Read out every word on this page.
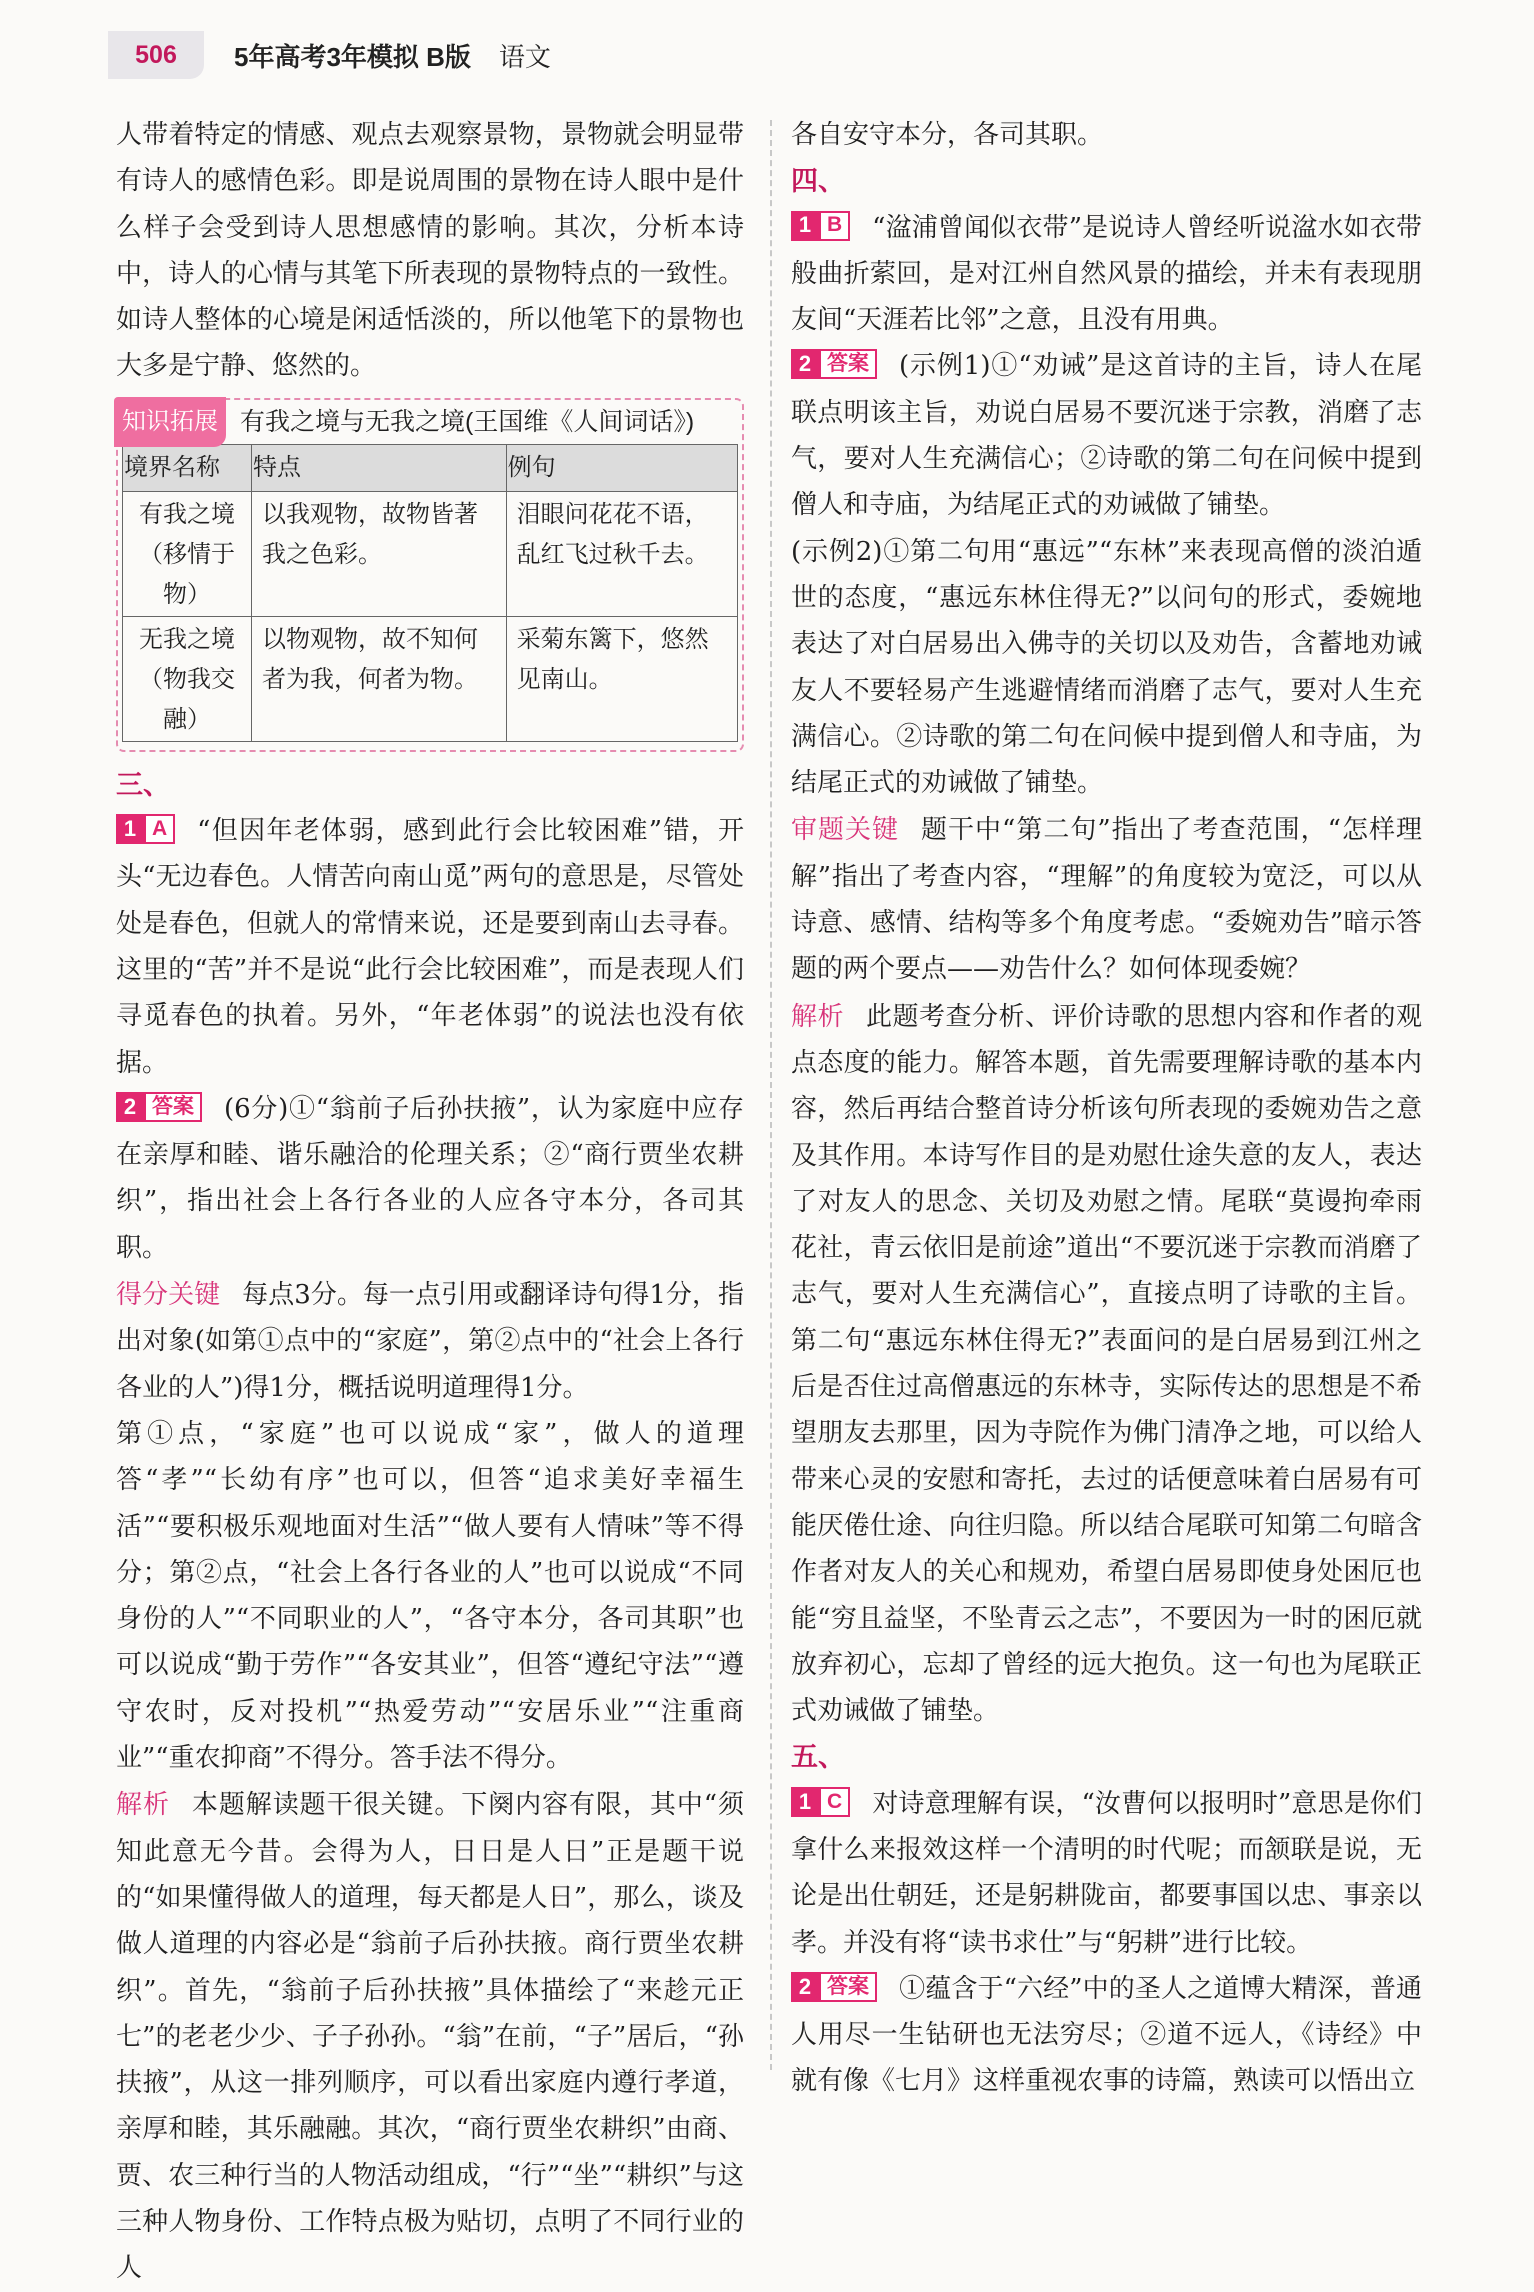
506	5年高考3年模拟 B版 语文

人带着特定的情感、观点去观察景物，景物就会明显带有诗人的感情色彩。即是说周围的景物在诗人眼中是什么样子会受到诗人思想感情的影响。其次，分析本诗中，诗人的心情与其笔下所表现的景物特点的一致性。如诗人整体的心境是闲适恬淡的，所以他笔下的景物也大多是宁静、悠然的。

知识拓展 有我之境与无我之境(王国维《人间词话》)
境界名称	特点	例句
有我之境（移情于物）	以我观物，故物皆著我之色彩。	泪眼问花花不语，乱红飞过秋千去。
无我之境（物我交融）	以物观物，故不知何者为我，何者为物。	采菊东篱下，悠然见南山。

三、

1 A	“但因年老体弱，感到此行会比较困难”错，开头“无边春色。人情苦向南山觅”两句的意思是，尽管处处是春色，但就人的常情来说，还是要到南山去寻春。这里的“苦”并不是说“此行会比较困难”，而是表现人们寻觅春色的执着。另外，“年老体弱”的说法也没有依据。

2 答案	(6分)①“翁前子后孙扶掖”，认为家庭中应存在亲厚和睦、谐乐融洽的伦理关系；②“商行贾坐农耕织”，指出社会上各行各业的人应各守本分，各司其职。

得分关键 每点3分。每一点引用或翻译诗句得1分，指出对象(如第①点中的“家庭”，第②点中的“社会上各行各业的人”)得1分，概括说明道理得1分。

第①点，“家庭”也可以说成“家”，做人的道理答“孝”“长幼有序”也可以，但答“追求美好幸福生活”“要积极乐观地面对生活”“做人要有人情味”等不得分；第②点，“社会上各行各业的人”也可以说成“不同身份的人”“不同职业的人”，“各守本分，各司其职”也可以说成“勤于劳作”“各安其业”，但答“遵纪守法”“遵守农时，反对投机”“热爱劳动”“安居乐业”“注重商业”“重农抑商”不得分。答手法不得分。

解析 本题解读题干很关键。下阕内容有限，其中“须知此意无今昔。会得为人，日日是人日”正是题干说的“如果懂得做人的道理，每天都是人日”，那么，谈及做人道理的内容必是“翁前子后孙扶掖。商行贾坐农耕织”。首先，“翁前子后孙扶掖”具体描绘了“来趁元正七”的老老少少、子子孙孙。“翁”在前，“子”居后，“孙扶掖”，从这一排列顺序，可以看出家庭内遵行孝道，亲厚和睦，其乐融融。其次，“商行贾坐农耕织”由商、贾、农三种行当的人物活动组成，“行”“坐”“耕织”与这三种人物身份、工作特点极为贴切，点明了不同行业的人

各自安守本分，各司其职。

四、

1 B	“湓浦曾闻似衣带”是说诗人曾经听说湓水如衣带般曲折萦回，是对江州自然风景的描绘，并未有表现朋友间“天涯若比邻”之意，且没有用典。

2 答案	(示例1)①“劝诫”是这首诗的主旨，诗人在尾联点明该主旨，劝说白居易不要沉迷于宗教，消磨了志气，要对人生充满信心；②诗歌的第二句在问候中提到僧人和寺庙，为结尾正式的劝诫做了铺垫。

(示例2)①第二句用“惠远”“东林”来表现高僧的淡泊遁世的态度，“惠远东林住得无?”以问句的形式，委婉地表达了对白居易出入佛寺的关切以及劝告，含蓄地劝诫友人不要轻易产生逃避情绪而消磨了志气，要对人生充满信心。②诗歌的第二句在问候中提到僧人和寺庙，为结尾正式的劝诫做了铺垫。

审题关键 题干中“第二句”指出了考查范围，“怎样理解”指出了考查内容，“理解”的角度较为宽泛，可以从诗意、感情、结构等多个角度考虑。“委婉劝告”暗示答题的两个要点——劝告什么？如何体现委婉？

解析 此题考查分析、评价诗歌的思想内容和作者的观点态度的能力。解答本题，首先需要理解诗歌的基本内容，然后再结合整首诗分析该句所表现的委婉劝告之意及其作用。本诗写作目的是劝慰仕途失意的友人，表达了对友人的思念、关切及劝慰之情。尾联“莫谩拘牵雨花社，青云依旧是前途”道出“不要沉迷于宗教而消磨了志气，要对人生充满信心”，直接点明了诗歌的主旨。第二句“惠远东林住得无?”表面问的是白居易到江州之后是否住过高僧惠远的东林寺，实际传达的思想是不希望朋友去那里，因为寺院作为佛门清净之地，可以给人带来心灵的安慰和寄托，去过的话便意味着白居易有可能厌倦仕途、向往归隐。所以结合尾联可知第二句暗含作者对友人的关心和规劝，希望白居易即使身处困厄也能“穷且益坚，不坠青云之志”，不要因为一时的困厄就放弃初心，忘却了曾经的远大抱负。这一句也为尾联正式劝诫做了铺垫。

五、

1 C	对诗意理解有误，“汝曹何以报明时”意思是你们拿什么来报效这样一个清明的时代呢；而颔联是说，无论是出仕朝廷，还是躬耕陇亩，都要事国以忠、事亲以孝。并没有将“读书求仕”与“躬耕”进行比较。

2 答案	①蕴含于“六经”中的圣人之道博大精深，普通人用尽一生钻研也无法穷尽；②道不远人，《诗经》中就有像《七月》这样重视农事的诗篇，熟读可以悟出立
